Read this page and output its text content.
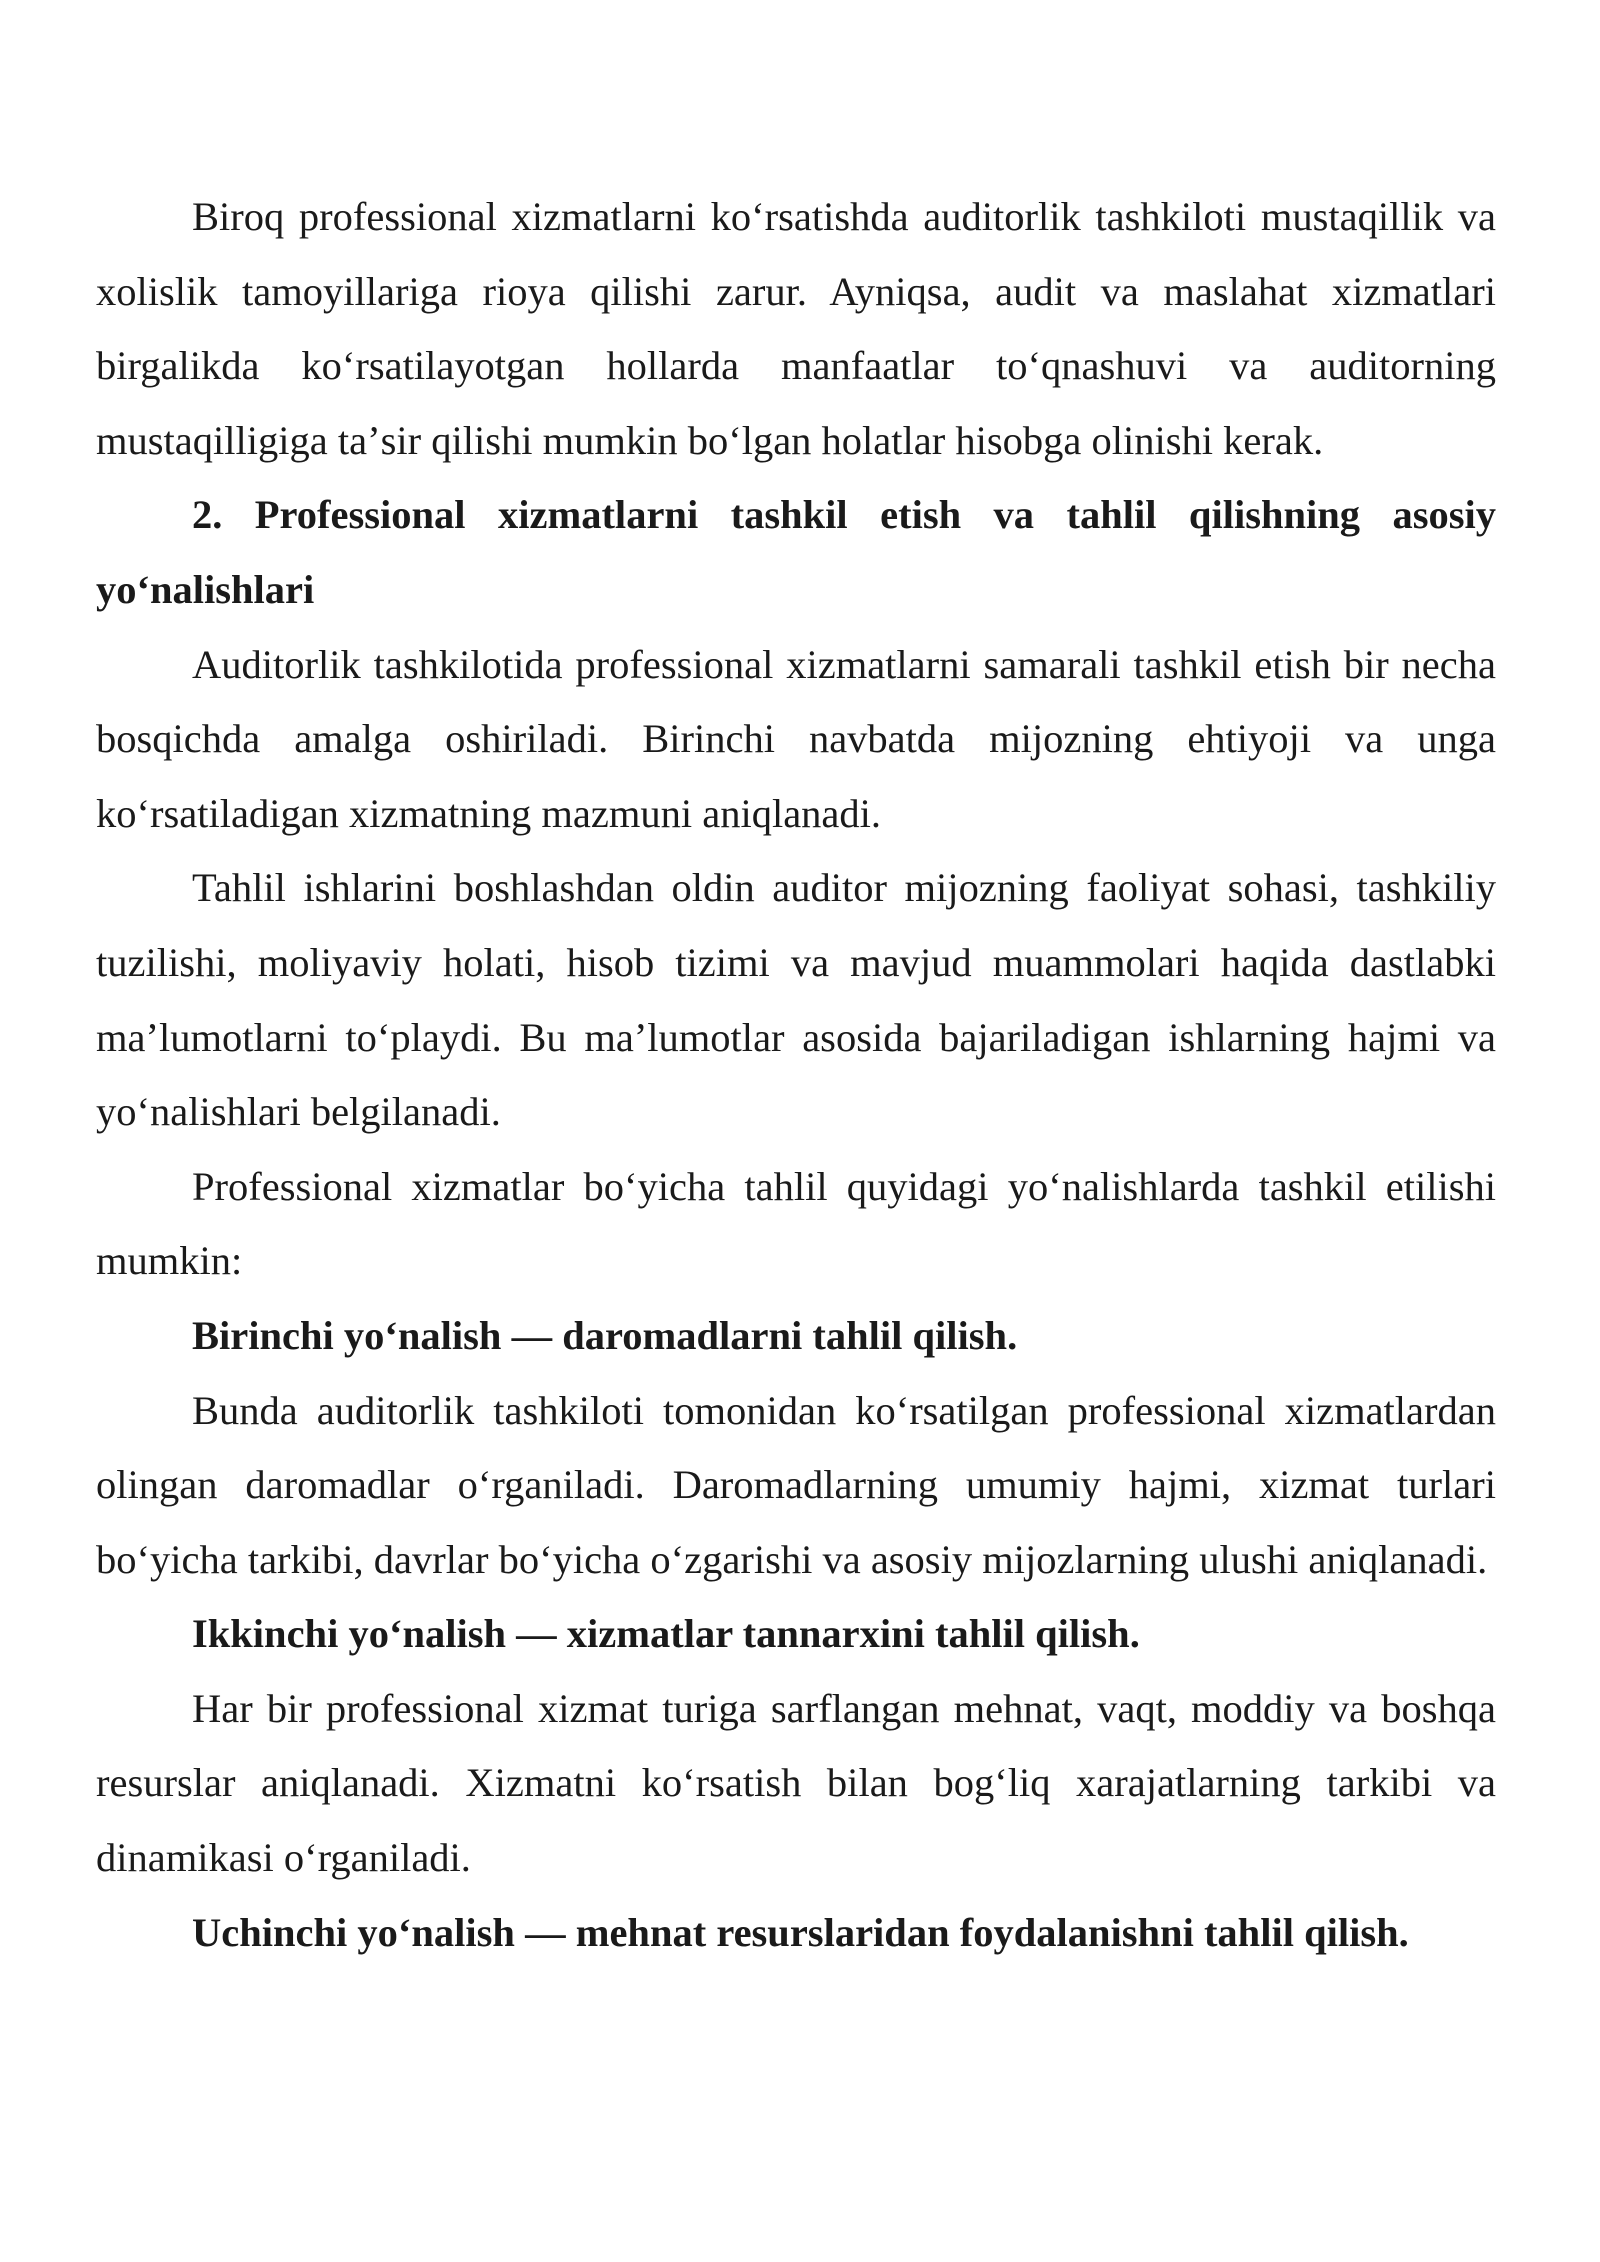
Biroq professional xizmatlarni koʻrsatishda auditorlik tashkiloti mustaqillik va xolislik tamoyillariga rioya qilishi zarur. Ayniqsa, audit va maslahat xizmatlari birgalikda koʻrsatilayotgan hollarda manfaatlar toʻqnashuvi va auditorning mustaqilligiga taʼsir qilishi mumkin boʻlgan holatlar hisobga olinishi kerak.

2. Professional xizmatlarni tashkil etish va tahlil qilishning asosiy yoʻnalishlari

Auditorlik tashkilotida professional xizmatlarni samarali tashkil etish bir necha bosqichda amalga oshiriladi. Birinchi navbatda mijozning ehtiyoji va unga koʻrsatiladigan xizmatning mazmuni aniqlanadi.

Tahlil ishlarini boshlashdan oldin auditor mijozning faoliyat sohasi, tashkiliy tuzilishi, moliyaviy holati, hisob tizimi va mavjud muammolari haqida dastlabki maʼlumotlarni toʻplaydi. Bu maʼlumotlar asosida bajariladigan ishlarning hajmi va yoʻnalishlari belgilanadi.

Professional xizmatlar boʻyicha tahlil quyidagi yoʻnalishlarda tashkil etilishi mumkin:

Birinchi yoʻnalish — daromadlarni tahlil qilish.

Bunda auditorlik tashkiloti tomonidan koʻrsatilgan professional xizmatlardan olingan daromadlar oʻrganiladi. Daromadlarning umumiy hajmi, xizmat turlari boʻyicha tarkibi, davrlar boʻyicha oʻzgarishi va asosiy mijozlarning ulushi aniqlanadi.

Ikkinchi yoʻnalish — xizmatlar tannarxini tahlil qilish.

Har bir professional xizmat turiga sarflangan mehnat, vaqt, moddiy va boshqa resurslar aniqlanadi. Xizmatni koʻrsatish bilan bogʻliq xarajatlarning tarkibi va dinamikasi oʻrganiladi.

Uchinchi yoʻnalish — mehnat resurslaridan foydalanishni tahlil qilish.
